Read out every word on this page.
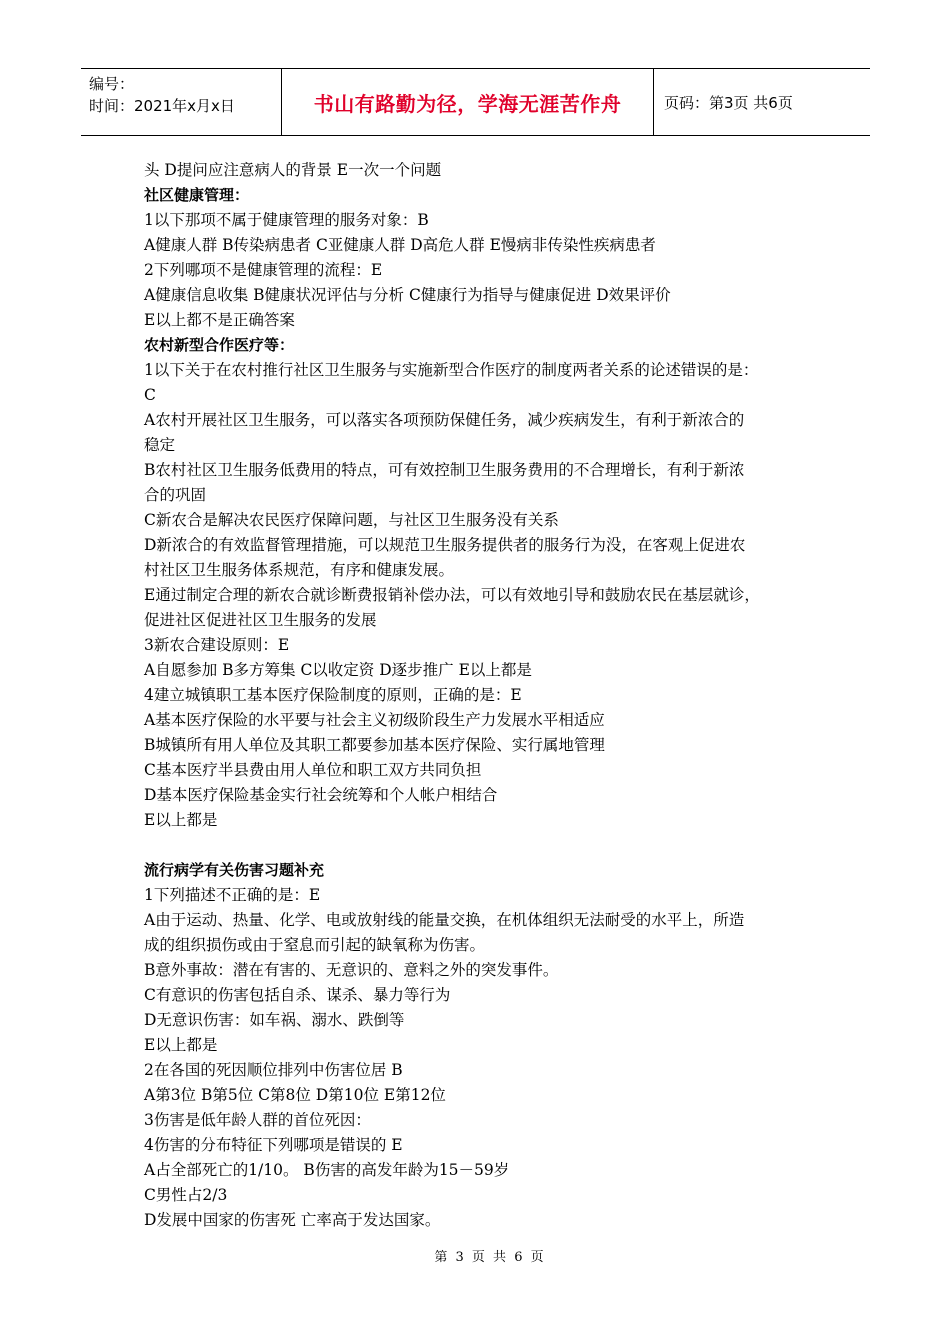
编号：
时间：2021年x月x日	书山有路勤为径，学海无涯苦作舟	页码：第3页 共6页
头 D提问应注意病人的背景 E一次一个问题
社区健康管理：
1以下那项不属于健康管理的服务对象：B
A健康人群 B传染病患者 C亚健康人群 D高危人群 E慢病非传染性疾病患者
2下列哪项不是健康管理的流程：E
A健康信息收集 B健康状况评估与分析 C健康行为指导与健康促进 D效果评价
E以上都不是正确答案
农村新型合作医疗等：
1以下关于在农村推行社区卫生服务与实施新型合作医疗的制度两者关系的论述错误的是：
C
A农村开展社区卫生服务，可以落实各项预防保健任务，减少疾病发生，有利于新浓合的
稳定
B农村社区卫生服务低费用的特点，可有效控制卫生服务费用的不合理增长，有利于新浓
合的巩固
C新农合是解决农民医疗保障问题，与社区卫生服务没有关系
D新浓合的有效监督管理措施，可以规范卫生服务提供者的服务行为没，在客观上促进农
村社区卫生服务体系规范，有序和健康发展。
E通过制定合理的新农合就诊断费报销补偿办法，可以有效地引导和鼓励农民在基层就诊，
促进社区促进社区卫生服务的发展
3新农合建设原则：E
A自愿参加 B多方筹集 C以收定资 D逐步推广 E以上都是
4建立城镇职工基本医疗保险制度的原则，正确的是：E
A基本医疗保险的水平要与社会主义初级阶段生产力发展水平相适应
B城镇所有用人单位及其职工都要参加基本医疗保险、实行属地管理
C基本医疗半县费由用人单位和职工双方共同负担
D基本医疗保险基金实行社会统筹和个人帐户相结合
E以上都是
流行病学有关伤害习题补充
1下列描述不正确的是：E
A由于运动、热量、化学、电或放射线的能量交换，在机体组织无法耐受的水平上，所造
成的组织损伤或由于窒息而引起的缺氧称为伤害。
B意外事故：潜在有害的、无意识的、意料之外的突发事件。
C有意识的伤害包括自杀、谋杀、暴力等行为
D无意识伤害：如车祸、溺水、跌倒等
E以上都是
2在各国的死因顺位排列中伤害位居 B
A第3位 B第5位 C第8位 D第10位 E第12位
3伤害是低年龄人群的首位死因：
4伤害的分布特征下列哪项是错误的 E
A占全部死亡的1/10。 B伤害的高发年龄为15－59岁
C男性占2/3
D发展中国家的伤害死 亡率高于发达国家。
第 3 页 共 6 页
